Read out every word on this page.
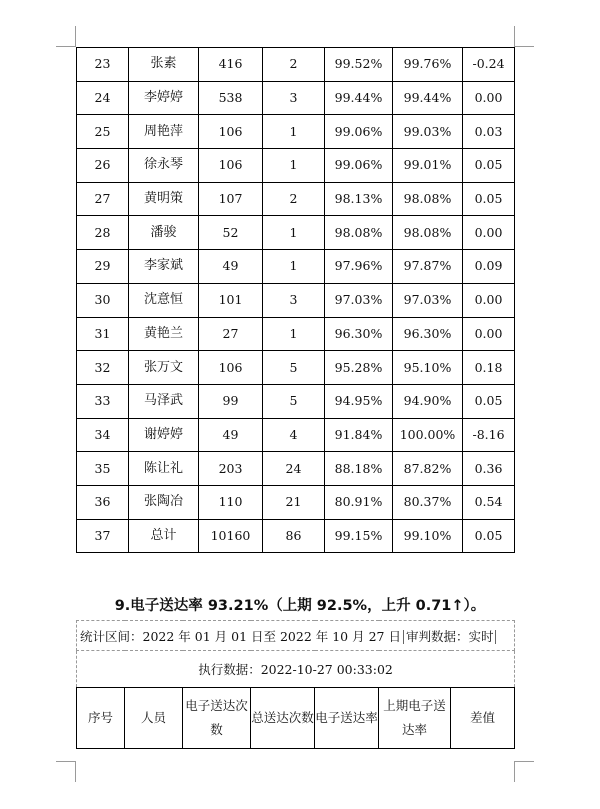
23	张素	416	2	99.52%	99.76%	-0.24
24	李婷婷	538	3	99.44%	99.44%	0.00
25	周艳萍	106	1	99.06%	99.03%	0.03
26	徐永琴	106	1	99.06%	99.01%	0.05
27	黄明策	107	2	98.13%	98.08%	0.05
28	潘骏	52	1	98.08%	98.08%	0.00
29	李家斌	49	1	97.96%	97.87%	0.09
30	沈意恒	101	3	97.03%	97.03%	0.00
31	黄艳兰	27	1	96.30%	96.30%	0.00
32	张万文	106	5	95.28%	95.10%	0.18
33	马泽武	99	5	94.95%	94.90%	0.05
34	谢婷婷	49	4	91.84%	100.00%	-8.16
35	陈让礼	203	24	88.18%	87.82%	0.36
36	张陶冶	110	21	80.91%	80.37%	0.54
37	总计	10160	86	99.15%	99.10%	0.05
9.电子送达率 93.21%（上期 92.5%，上升 0.71↑）。
统计区间：2022 年 01 月 01 日至 2022 年 10 月 27 日 审判数据：实时
执行数据：2022-10-27 00:33:02
序号	人员	电子送达次数	总送达次数	电子送达率	上期电子送达率	差值
